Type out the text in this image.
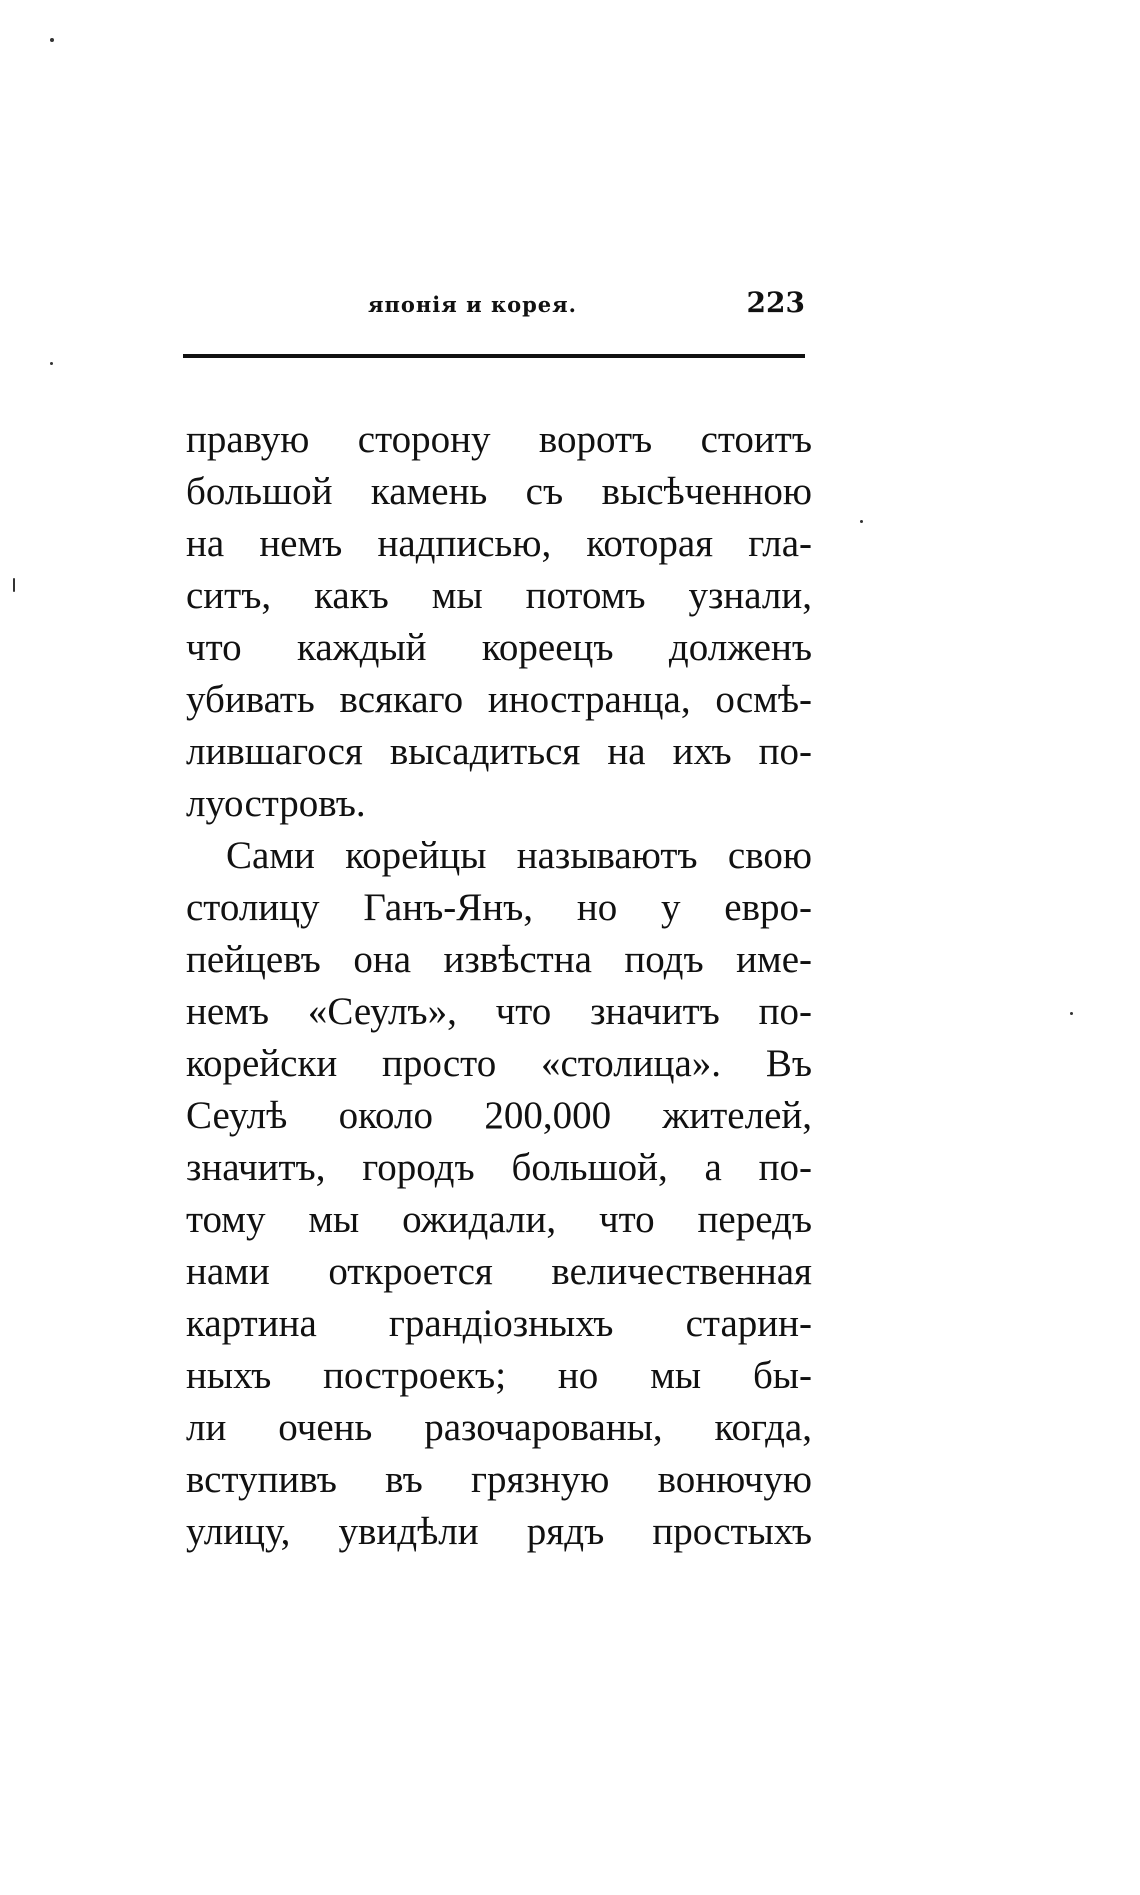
японія и корея.	223
правую сторону воротъ стоитъ
большой камень съ высѣченною
на немъ надписью, которая гла-
ситъ, какъ мы потомъ узнали,
что каждый кореецъ долженъ
убивать всякаго иностранца, осмѣ-
лившагося высадиться на ихъ по-
луостровъ.
Сами корейцы называютъ свою
столицу Ганъ-Янъ, но у евро-
пейцевъ она извѣстна подъ име-
немъ «Сеулъ», что значитъ по-
корейски просто «столица». Въ
Сеулѣ около 200,000 жителей,
значитъ, городъ большой, а по-
тому мы ожидали, что передъ
нами откроется величественная
картина грандіозныхъ старин-
ныхъ построекъ; но мы бы-
ли очень разочарованы, когда,
вступивъ въ грязную вонючую
улицу, увидѣли рядъ простыхъ
